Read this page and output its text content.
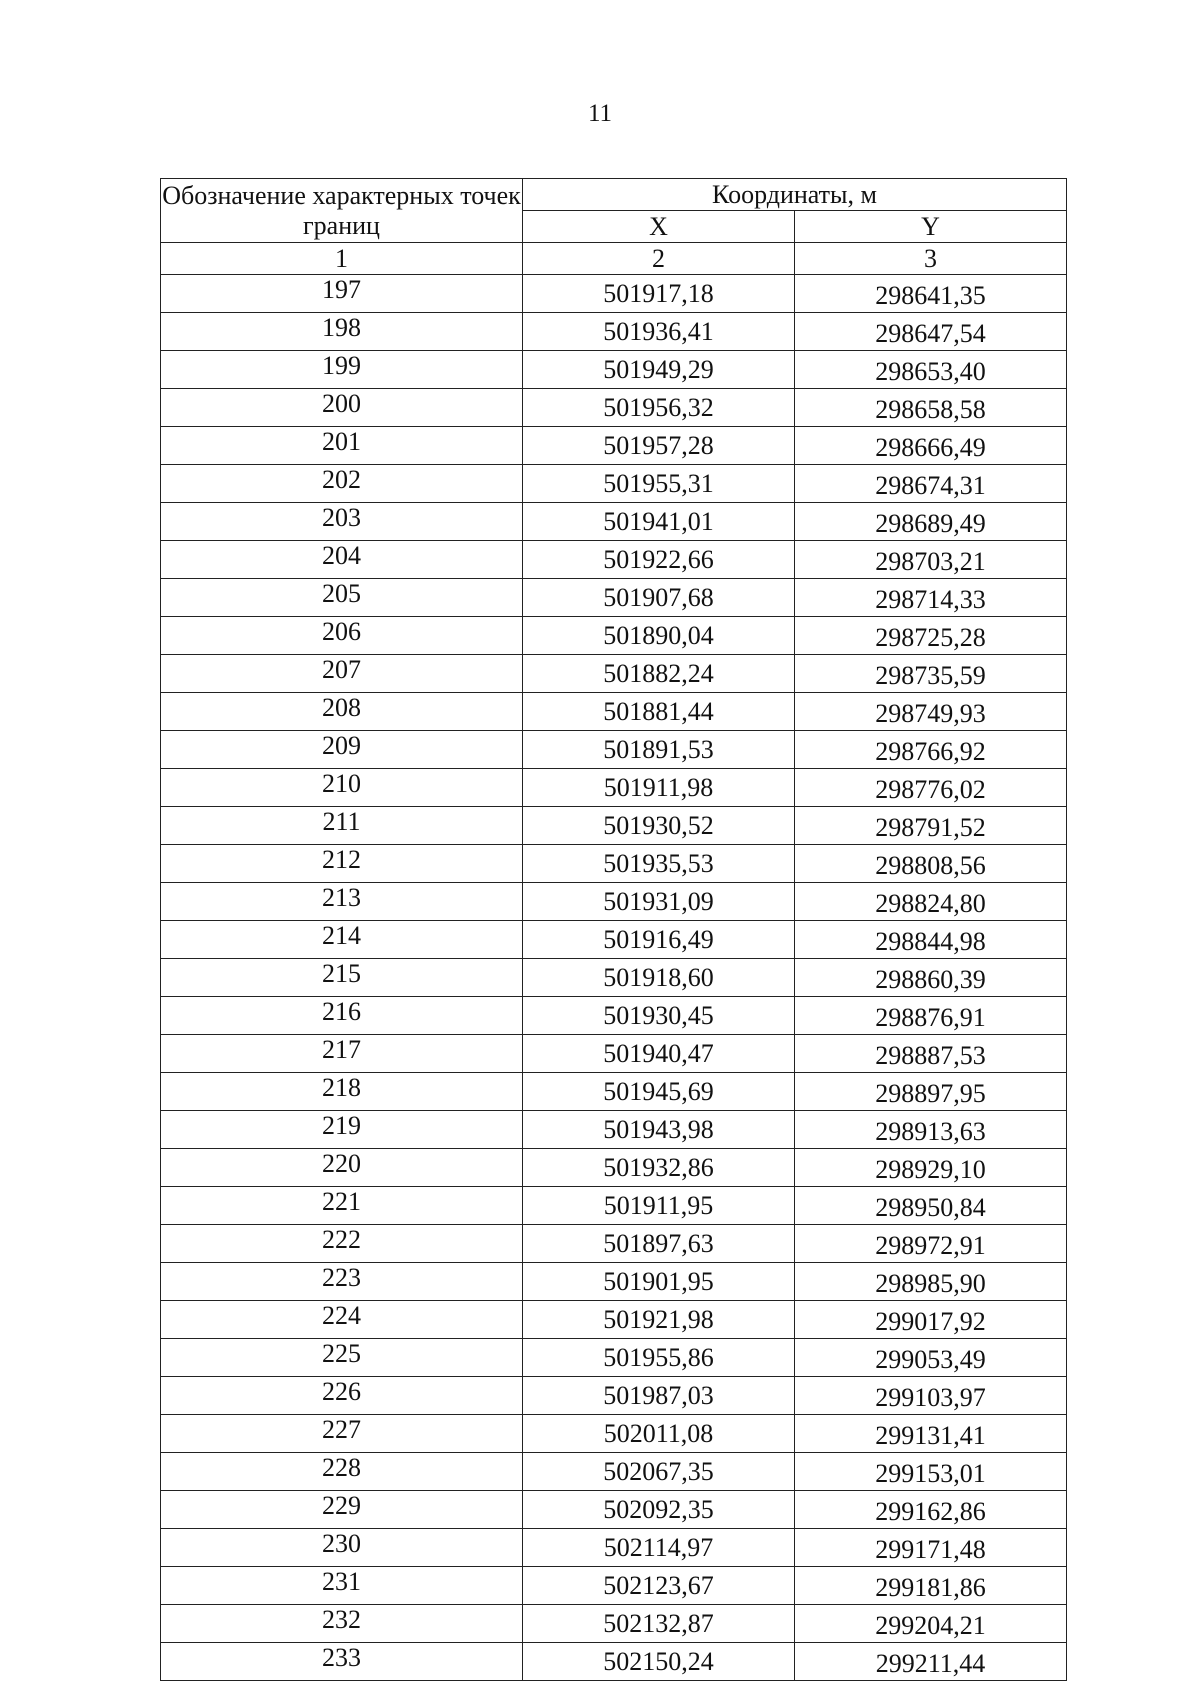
11
Обозначение характерных точек границ	Координаты, м	
	X	Y
1	2	3
197	501917,18	298641,35
198	501936,41	298647,54
199	501949,29	298653,40
200	501956,32	298658,58
201	501957,28	298666,49
202	501955,31	298674,31
203	501941,01	298689,49
204	501922,66	298703,21
205	501907,68	298714,33
206	501890,04	298725,28
207	501882,24	298735,59
208	501881,44	298749,93
209	501891,53	298766,92
210	501911,98	298776,02
211	501930,52	298791,52
212	501935,53	298808,56
213	501931,09	298824,80
214	501916,49	298844,98
215	501918,60	298860,39
216	501930,45	298876,91
217	501940,47	298887,53
218	501945,69	298897,95
219	501943,98	298913,63
220	501932,86	298929,10
221	501911,95	298950,84
222	501897,63	298972,91
223	501901,95	298985,90
224	501921,98	299017,92
225	501955,86	299053,49
226	501987,03	299103,97
227	502011,08	299131,41
228	502067,35	299153,01
229	502092,35	299162,86
230	502114,97	299171,48
231	502123,67	299181,86
232	502132,87	299204,21
233	502150,24	299211,44
